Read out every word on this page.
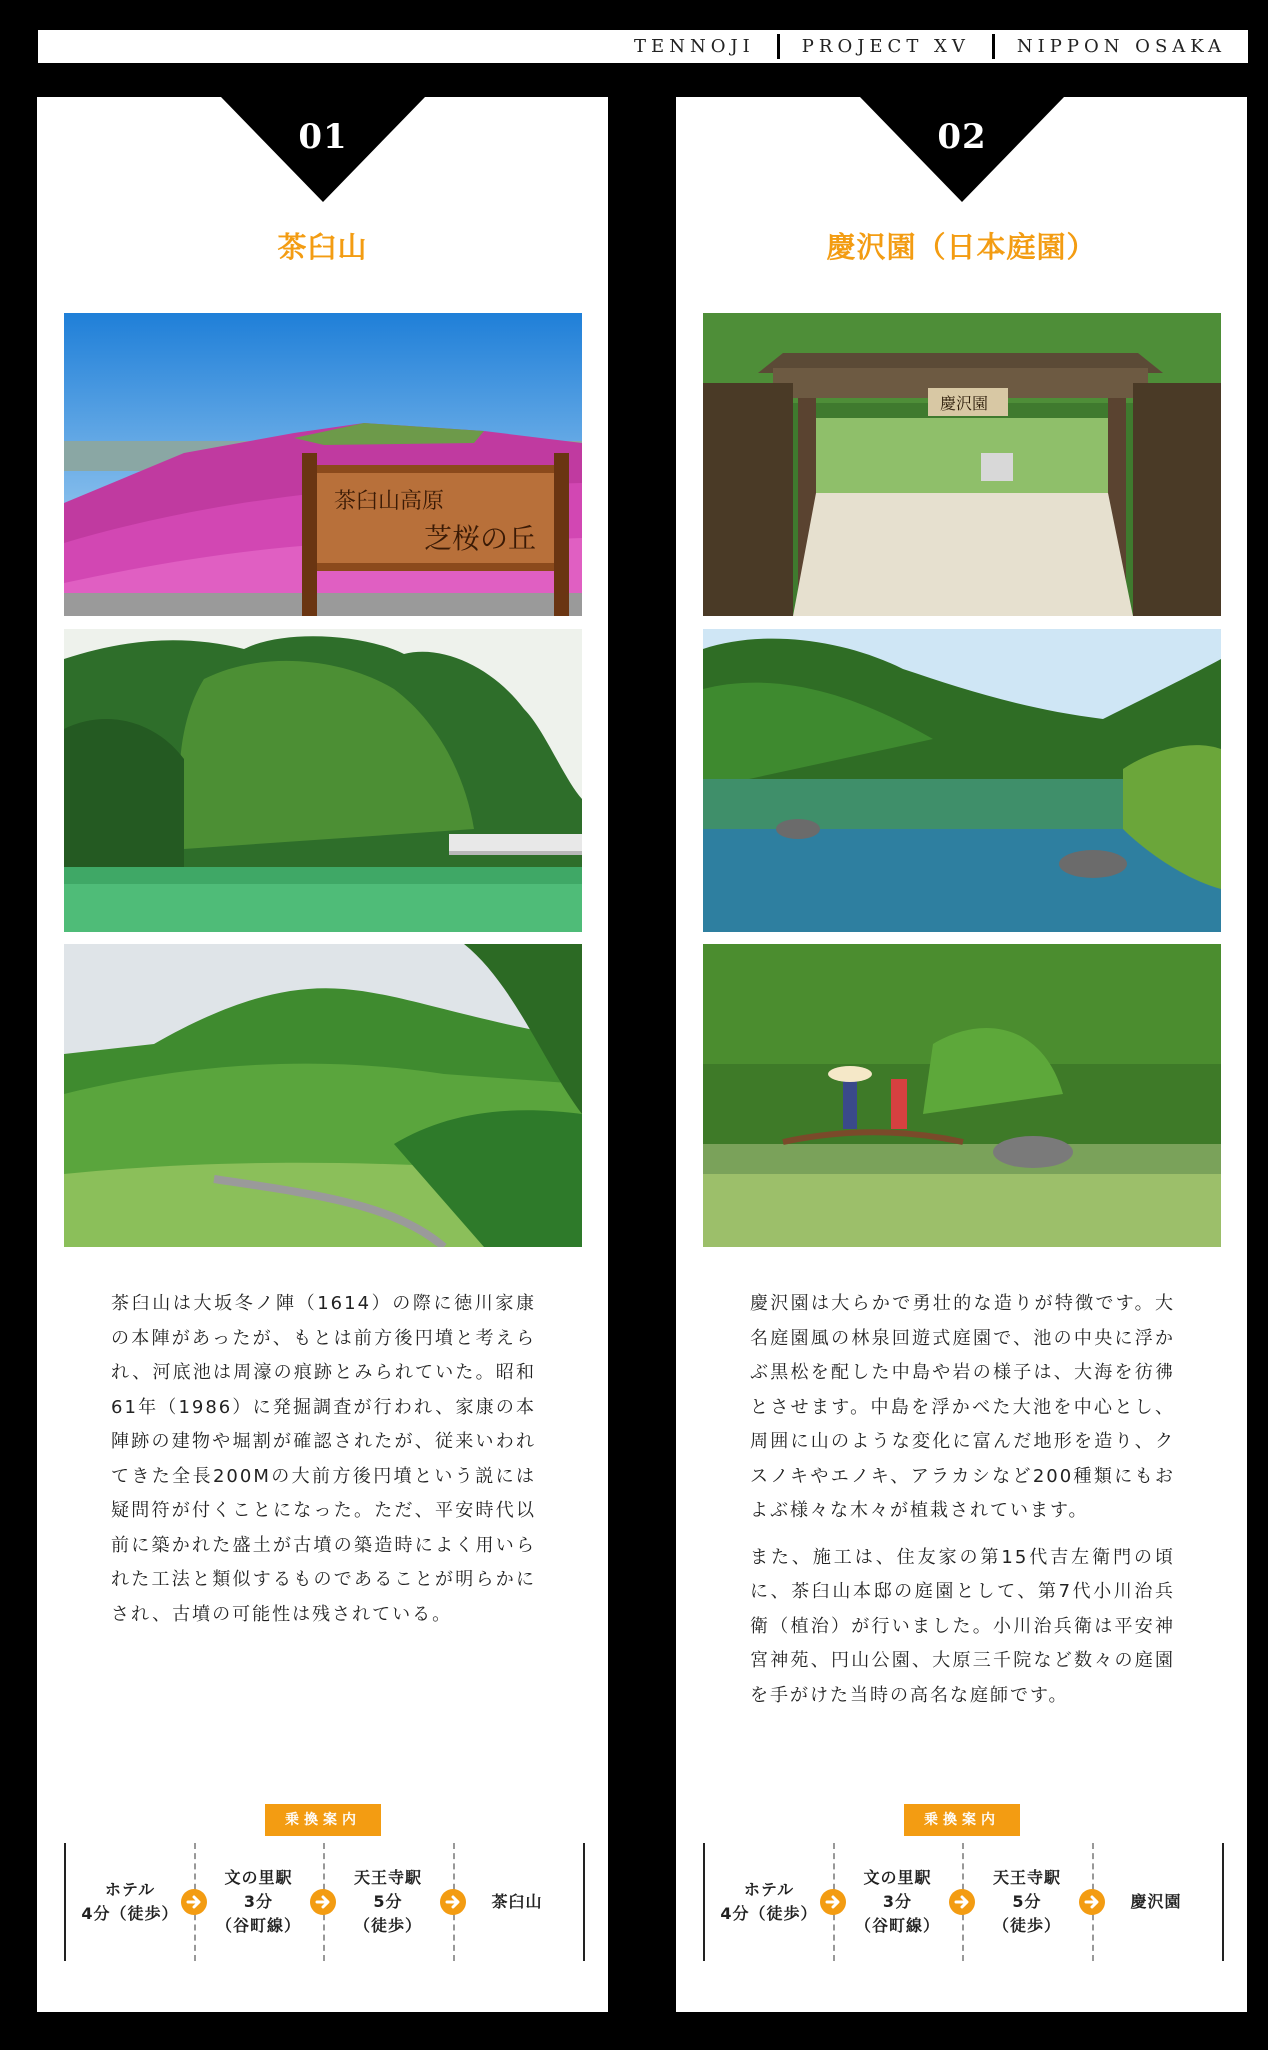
TENNOJI	PROJECT XV	NIPPON OSAKA
01
茶臼山
茶臼山高原
芝桜の丘

茶臼山は大坂冬ノ陣（1614）の際に徳川家康の本陣があったが、もとは前方後円墳と考えられ、河底池は周濠の痕跡とみられていた。昭和61年（1986）に発掘調査が行われ、家康の本陣跡の建物や堀割が確認されたが、従来いわれてきた全長200Mの大前方後円墳という説には疑問符が付くことになった。ただ、平安時代以前に築かれた盛土が古墳の築造時によく用いられた工法と類似するものであることが明らかにされ、古墳の可能性は残されている。

乗換案内
ホテル
4分（徒歩）
文の里駅
3分
（谷町線）
天王寺駅
5分
（徒歩）
茶臼山
02
慶沢園（日本庭園）
慶沢園

慶沢園は大らかで勇壮的な造りが特徴です。大名庭園風の林泉回遊式庭園で、池の中央に浮かぶ黒松を配した中島や岩の様子は、大海を彷彿とさせます。中島を浮かべた大池を中心とし、周囲に山のような変化に富んだ地形を造り、クスノキやエノキ、アラカシなど200種類にもおよぶ様々な木々が植栽されています。

また、施工は、住友家の第15代吉左衛門の頃に、茶臼山本邸の庭園として、第7代小川治兵衛（植治）が行いました。小川治兵衛は平安神宮神苑、円山公園、大原三千院など数々の庭園を手がけた当時の高名な庭師です。

乗換案内
ホテル
4分（徒歩）
文の里駅
3分
（谷町線）
天王寺駅
5分
（徒歩）
慶沢園
